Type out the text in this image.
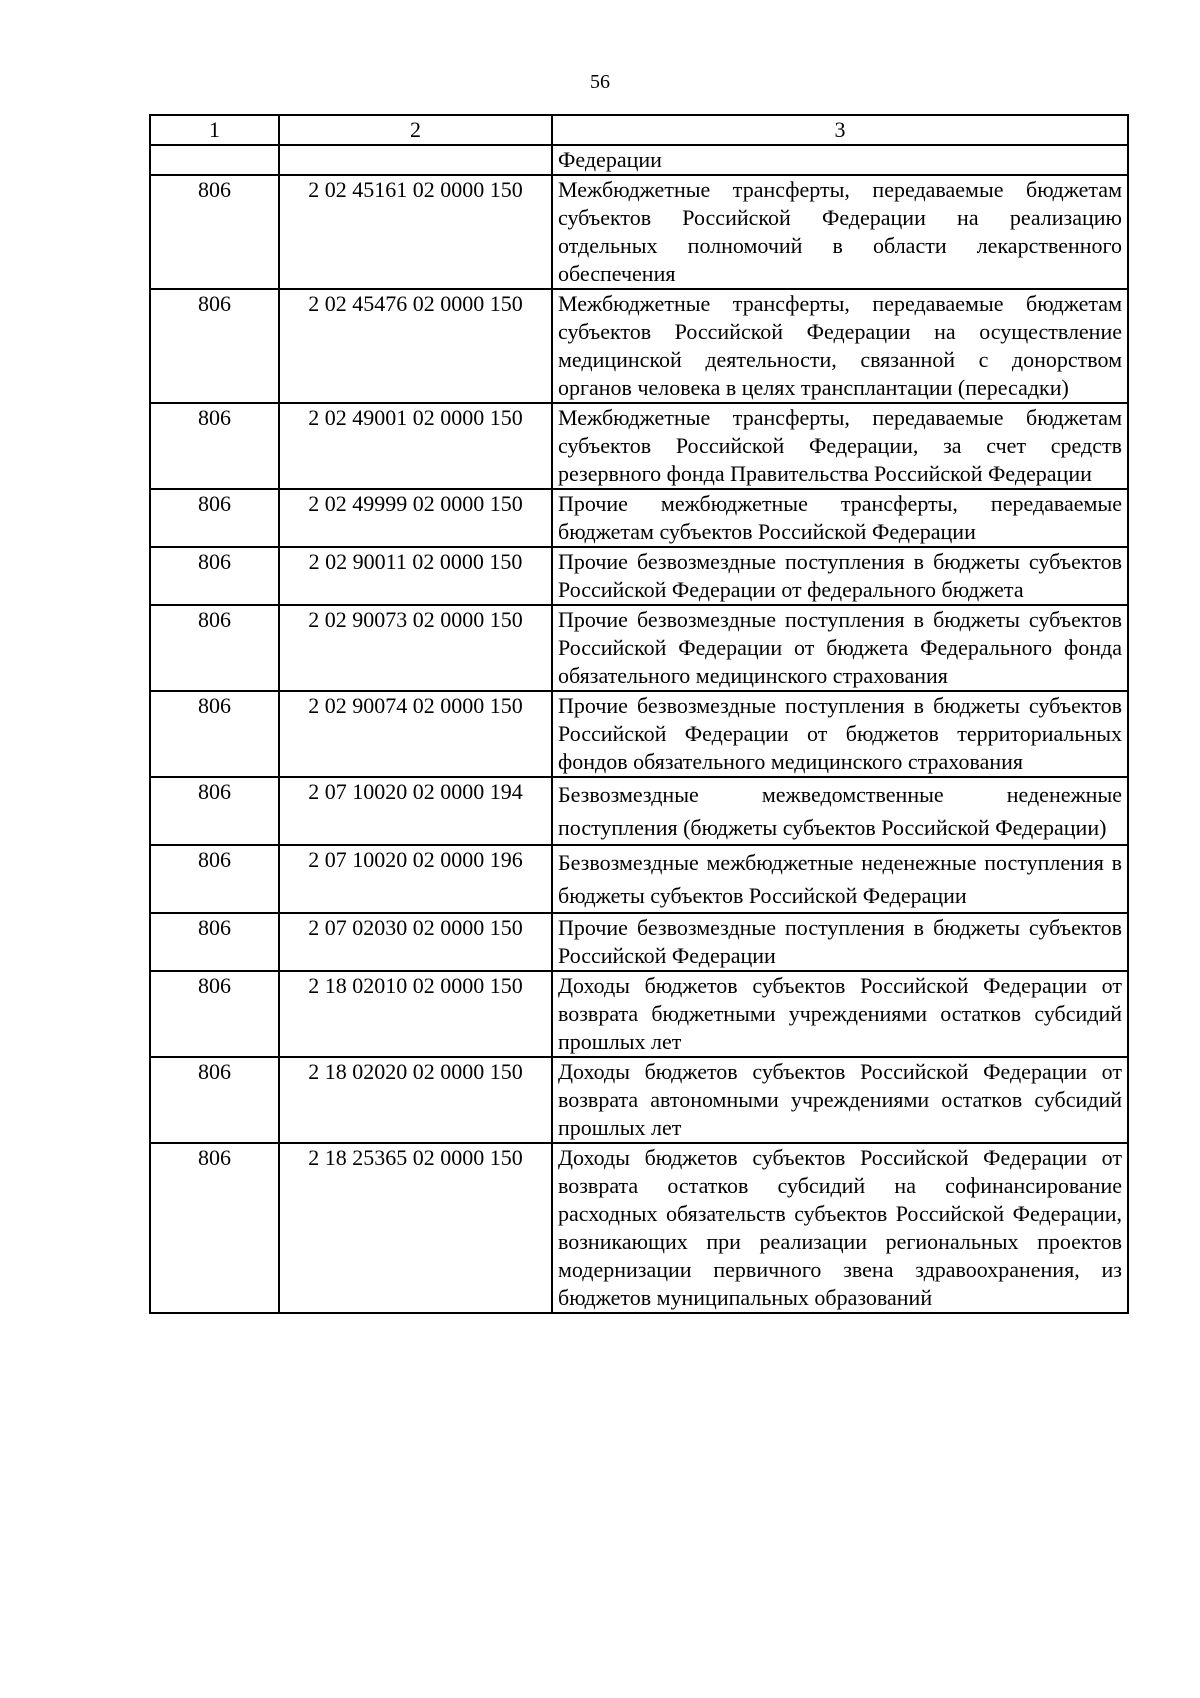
56
1	2	3
		Федерации
806	2 02 45161 02 0000 150	Межбюджетные трансферты, передаваемые бюджетам субъектов Российской Федерации на реализацию отдельных полномочий в области лекарственного обеспечения
806	2 02 45476 02 0000 150	Межбюджетные трансферты, передаваемые бюджетам субъектов Российской Федерации на осуществление медицинской деятельности, связанной с донорством органов человека в целях трансплантации (пересадки)
806	2 02 49001 02 0000 150	Межбюджетные трансферты, передаваемые бюджетам субъектов Российской Федерации, за счет средств резервного фонда Правительства Российской Федерации
806	2 02 49999 02 0000 150	Прочие межбюджетные трансферты, передаваемые бюджетам субъектов Российской Федерации
806	2 02 90011 02 0000 150	Прочие безвозмездные поступления в бюджеты субъектов Российской Федерации от федерального бюджета
806	2 02 90073 02 0000 150	Прочие безвозмездные поступления в бюджеты субъектов Российской Федерации от бюджета Федерального фонда обязательного медицинского страхования
806	2 02 90074 02 0000 150	Прочие безвозмездные поступления в бюджеты субъектов Российской Федерации от бюджетов территориальных фондов обязательного медицинского страхования
806	2 07 10020 02 0000 194	Безвозмездные межведомственные неденежные поступления (бюджеты субъектов Российской Федерации)
806	2 07 10020 02 0000 196	Безвозмездные межбюджетные неденежные поступления в бюджеты субъектов Российской Федерации
806	2 07 02030 02 0000 150	Прочие безвозмездные поступления в бюджеты субъектов Российской Федерации
806	2 18 02010 02 0000 150	Доходы бюджетов субъектов Российской Федерации от возврата бюджетными учреждениями остатков субсидий прошлых лет
806	2 18 02020 02 0000 150	Доходы бюджетов субъектов Российской Федерации от возврата автономными учреждениями остатков субсидий прошлых лет
806	2 18 25365 02 0000 150	Доходы бюджетов субъектов Российской Федерации от возврата остатков субсидий на софинансирование расходных обязательств субъектов Российской Федерации, возникающих при реализации региональных проектов модернизации первичного звена здравоохранения, из бюджетов муниципальных образований
